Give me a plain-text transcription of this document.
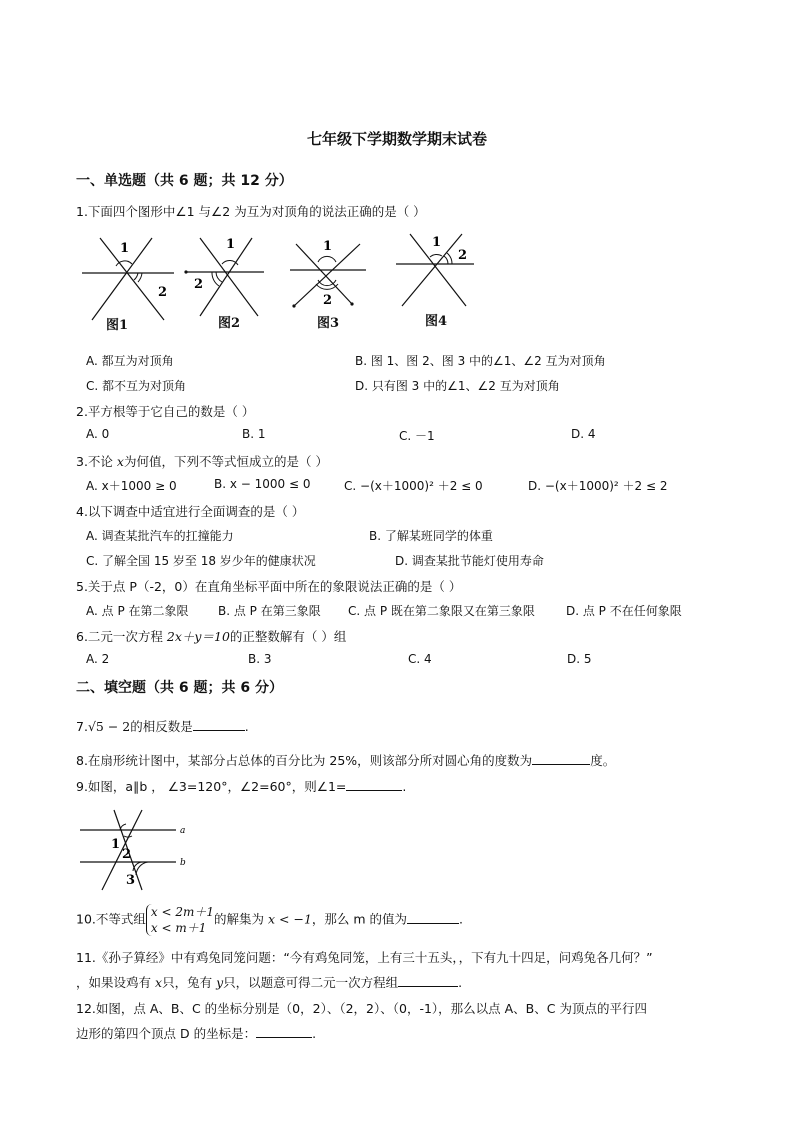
七年级下学期数学期末试卷
一、单选题（共 6 题；共 12 分）
1.下面四个图形中∠1 与∠2 为互为对顶角的说法正确的是（ ）
1
2
1
2
1
2
1
2
图1	图2	图3	图4
A. 都互为对顶角	B. 图 1、图 2、图 3 中的∠1、∠2 互为对顶角
C. 都不互为对顶角	D. 只有图 3 中的∠1、∠2 互为对顶角
2.平方根等于它自己的数是（ ）
A. 0	B. 1	C. －1	D. 4
3.不论 x为何值，下列不等式恒成立的是（ ）
A. x＋1000 ≥ 0	B. x − 1000 ≤ 0	C. −(x＋1000)² ＋2 ≤ 0	D. −(x＋1000)² ＋2 ≤ 2
4.以下调查中适宜进行全面调查的是（ ）
A. 调查某批汽车的扛撞能力	B. 了解某班同学的体重
C. 了解全国 15 岁至 18 岁少年的健康状况	D. 调查某批节能灯使用寿命
5.关于点 P（-2，0）在直角坐标平面中所在的象限说法正确的是（ ）
A. 点 P 在第二象限 B. 点 P 在第三象限 C. 点 P 既在第二象限又在第三象限	D. 点 P 不在任何象限
6.二元一次方程 2x＋y＝10的正整数解有（ ）组
A. 2	B. 3	C. 4	D. 5
二、填空题（共 6 题；共 6 分）
7.√5 − 2的相反数是	.
8.在扇形统计图中，某部分占总体的百分比为 25%，则该部分所对圆心角的度数为	度。
9.如图，a∥b ， ∠3=120°，∠2=60°，则∠1=	.
a
b
1
2
3
10.不等式组 x < 2m＋1
x < m＋1的解集为 x < −1，那么 m 的值为	.
11.《孙子算经》中有鸡兔同笼问题：“今有鸡兔同笼，上有三十五头，，下有九十四足，问鸡兔各几何？”
，如果设鸡有 x只，兔有 y只，以题意可得二元一次方程组	.
12.如图，点 A、B、C 的坐标分别是（0，2）、（2，2）、（0，-1），那么以点 A、B、C 为顶点的平行四
边形的第四个顶点 D 的坐标是：	.
